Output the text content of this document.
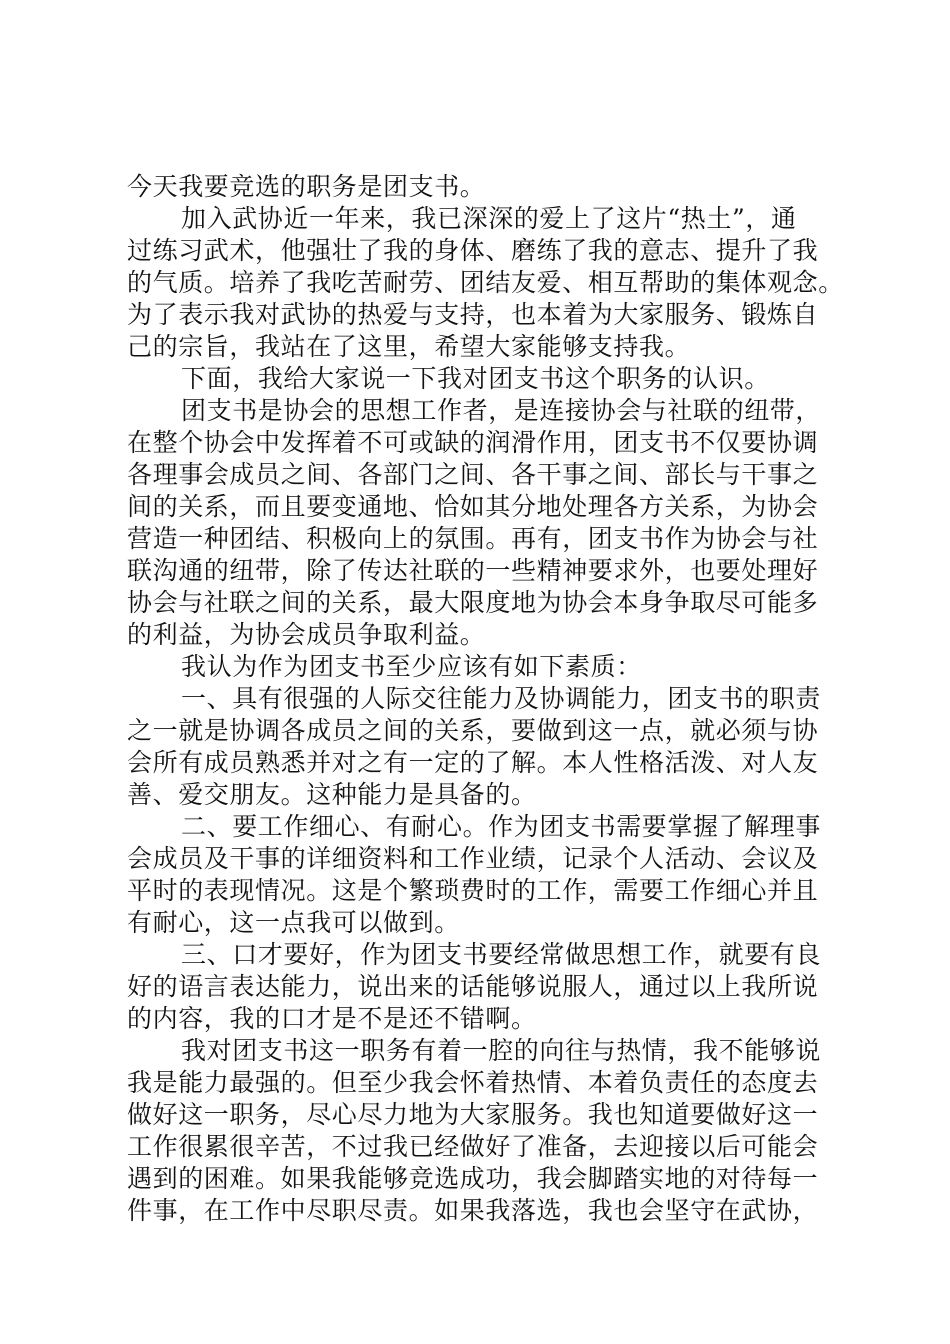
今天我要竞选的职务是团支书。
加入武协近一年来，我已深深的爱上了这片“热土”，通
过练习武术，他强壮了我的身体、磨练了我的意志、提升了我
的气质。培养了我吃苦耐劳、团结友爱、相互帮助的集体观念。
为了表示我对武协的热爱与支持，也本着为大家服务、锻炼自
己的宗旨，我站在了这里，希望大家能够支持我。
下面，我给大家说一下我对团支书这个职务的认识。
团支书是协会的思想工作者，是连接协会与社联的纽带，
在整个协会中发挥着不可或缺的润滑作用，团支书不仅要协调
各理事会成员之间、各部门之间、各干事之间、部长与干事之
间的关系，而且要变通地、恰如其分地处理各方关系，为协会
营造一种团结、积极向上的氛围。再有，团支书作为协会与社
联沟通的纽带，除了传达社联的一些精神要求外，也要处理好
协会与社联之间的关系，最大限度地为协会本身争取尽可能多
的利益，为协会成员争取利益。
我认为作为团支书至少应该有如下素质：
一、具有很强的人际交往能力及协调能力，团支书的职责
之一就是协调各成员之间的关系，要做到这一点，就必须与协
会所有成员熟悉并对之有一定的了解。本人性格活泼、对人友
善、爱交朋友。这种能力是具备的。
二、要工作细心、有耐心。作为团支书需要掌握了解理事
会成员及干事的详细资料和工作业绩，记录个人活动、会议及
平时的表现情况。这是个繁琐费时的工作，需要工作细心并且
有耐心，这一点我可以做到。
三、口才要好，作为团支书要经常做思想工作，就要有良
好的语言表达能力，说出来的话能够说服人，通过以上我所说
的内容，我的口才是不是还不错啊。
我对团支书这一职务有着一腔的向往与热情，我不能够说
我是能力最强的。但至少我会怀着热情、本着负责任的态度去
做好这一职务，尽心尽力地为大家服务。我也知道要做好这一
工作很累很辛苦，不过我已经做好了准备，去迎接以后可能会
遇到的困难。如果我能够竞选成功，我会脚踏实地的对待每一
件事，在工作中尽职尽责。如果我落选，我也会坚守在武协，
